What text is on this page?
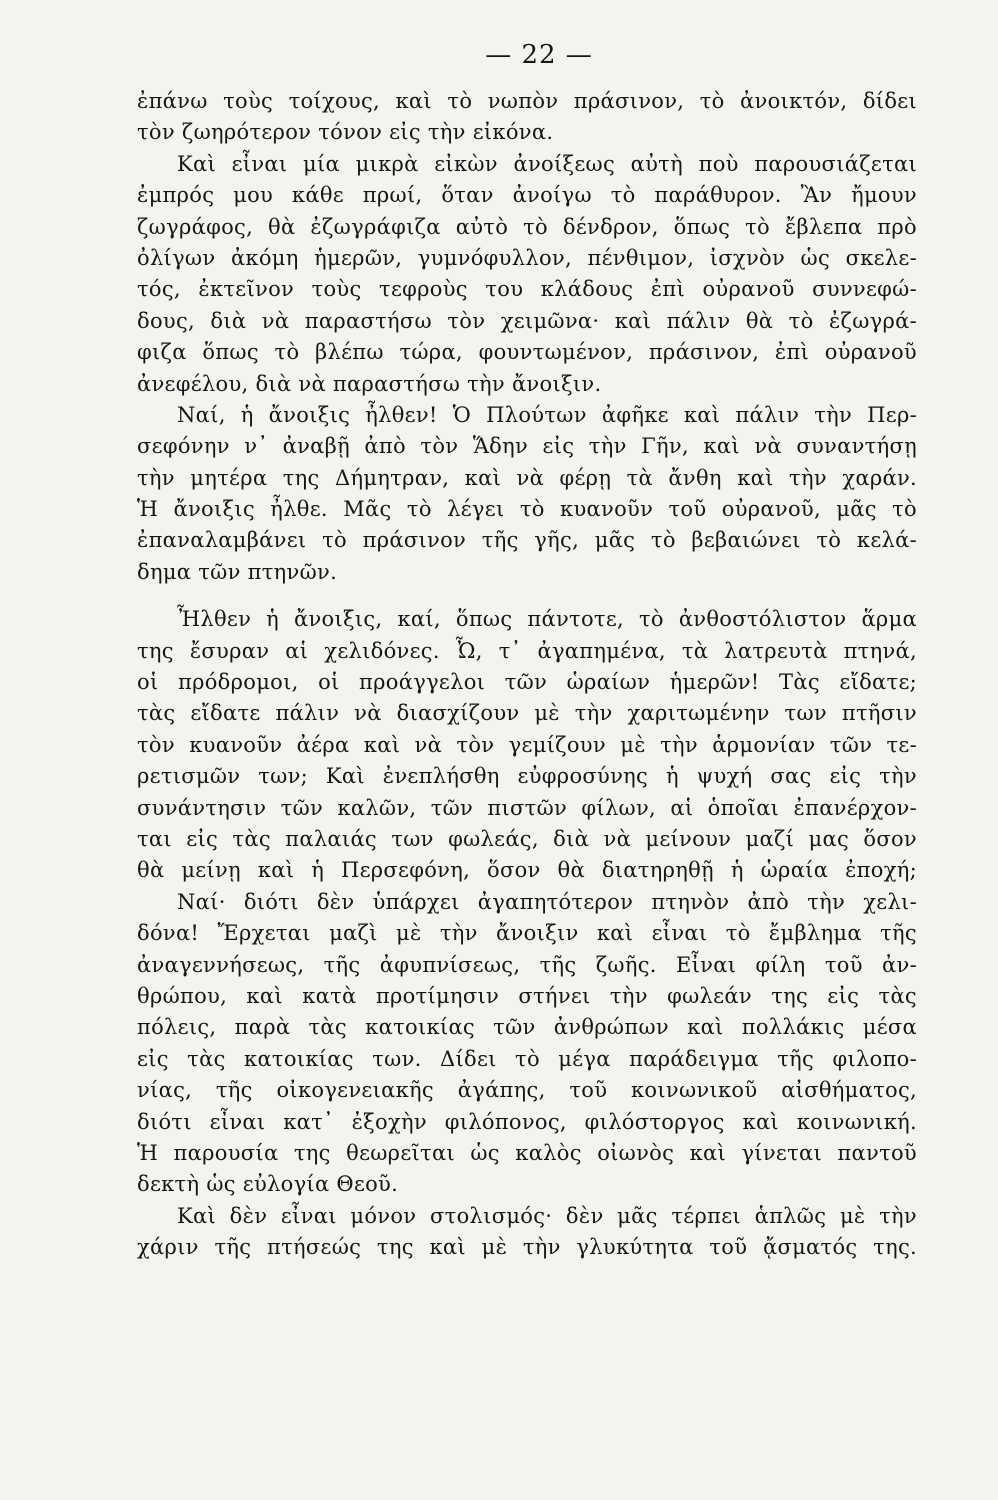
— 22 —
ἐπάνω τοὺς τοίχους, καὶ τὸ νωπὸν πράσινον, τὸ ἀνοικτόν, δίδει
τὸν ζωηρότερον τόνον εἰς τὴν εἰκόνα.
Καὶ εἶναι μία μικρὰ εἰκὼν ἀνοίξεως αὐτὴ ποὺ παρουσιάζεται
ἐμπρός μου κάθε πρωί, ὅταν ἀνοίγω τὸ παράθυρον. Ἂν ἤμουν
ζωγράφος, θὰ ἐζωγράφιζα αὐτὸ τὸ δένδρον, ὅπως τὸ ἔβλεπα πρὸ
ὀλίγων ἀκόμη ἡμερῶν, γυμνόφυλλον, πένθιμον, ἰσχνὸν ὡς σκελε-
τός, ἐκτεῖνον τοὺς τεφροὺς του κλάδους ἐπὶ οὐρανοῦ συννεφώ-
δους, διὰ νὰ παραστήσω τὸν χειμῶνα· καὶ πάλιν θὰ τὸ ἐζωγρά-
φιζα ὅπως τὸ βλέπω τώρα, φουντωμένον, πράσινον, ἐπὶ οὐρανοῦ
ἀνεφέλου, διὰ νὰ παραστήσω τὴν ἄνοιξιν.
Ναί, ἡ ἄνοιξις ἦλθεν! Ὁ Πλούτων ἀφῆκε καὶ πάλιν τὴν Περ-
σεφόνην ν᾽ ἀναβῇ ἀπὸ τὸν Ἅδην εἰς τὴν Γῆν, καὶ νὰ συναντήσῃ
τὴν μητέρα της Δήμητραν, καὶ νὰ φέρῃ τὰ ἄνθη καὶ τὴν χαράν.
Ἡ ἄνοιξις ἦλθε. Μᾶς τὸ λέγει τὸ κυανοῦν τοῦ οὐρανοῦ, μᾶς τὸ
ἐπαναλαμβάνει τὸ πράσινον τῆς γῆς, μᾶς τὸ βεβαιώνει τὸ κελά-
δημα τῶν πτηνῶν.
Ἦλθεν ἡ ἄνοιξις, καί, ὅπως πάντοτε, τὸ ἀνθοστόλιστον ἅρμα
της ἔσυραν αἱ χελιδόνες. Ὦ, τ᾽ ἀγαπημένα, τὰ λατρευτὰ πτηνά,
οἱ πρόδρομοι, οἱ προάγγελοι τῶν ὡραίων ἡμερῶν! Τὰς εἴδατε;
τὰς εἴδατε πάλιν νὰ διασχίζουν μὲ τὴν χαριτωμένην των πτῆσιν
τὸν κυανοῦν ἀέρα καὶ νὰ τὸν γεμίζουν μὲ τὴν ἁρμονίαν τῶν τε-
ρετισμῶν των; Καὶ ἐνεπλήσθη εὐφροσύνης ἡ ψυχή σας εἰς τὴν
συνάντησιν τῶν καλῶν, τῶν πιστῶν φίλων, αἱ ὁποῖαι ἐπανέρχον-
ται εἰς τὰς παλαιάς των φωλεάς, διὰ νὰ μείνουν μαζί μας ὅσον
θὰ μείνῃ καὶ ἡ Περσεφόνη, ὅσον θὰ διατηρηθῇ ἡ ὡραία ἐποχή;
Ναί· διότι δὲν ὑπάρχει ἀγαπητότερον πτηνὸν ἀπὸ τὴν χελι-
δόνα! Ἔρχεται μαζὶ μὲ τὴν ἄνοιξιν καὶ εἶναι τὸ ἔμβλημα τῆς
ἀναγεννήσεως, τῆς ἀφυπνίσεως, τῆς ζωῆς. Εἶναι φίλη τοῦ ἀν-
θρώπου, καὶ κατὰ προτίμησιν στήνει τὴν φωλεάν της εἰς τὰς
πόλεις, παρὰ τὰς κατοικίας τῶν ἀνθρώπων καὶ πολλάκις μέσα
εἰς τὰς κατοικίας των. Δίδει τὸ μέγα παράδειγμα τῆς φιλοπο-
νίας, τῆς οἰκογενειακῆς ἀγάπης, τοῦ κοινωνικοῦ αἰσθήματος,
διότι εἶναι κατ᾽ ἐξοχὴν φιλόπονος, φιλόστοργος καὶ κοινωνική.
Ἡ παρουσία της θεωρεῖται ὡς καλὸς οἰωνὸς καὶ γίνεται παντοῦ
δεκτὴ ὡς εὐλογία Θεοῦ.
Καὶ δὲν εἶναι μόνον στολισμός· δὲν μᾶς τέρπει ἁπλῶς μὲ τὴν
χάριν τῆς πτήσεώς της καὶ μὲ τὴν γλυκύτητα τοῦ ᾄσματός της.
